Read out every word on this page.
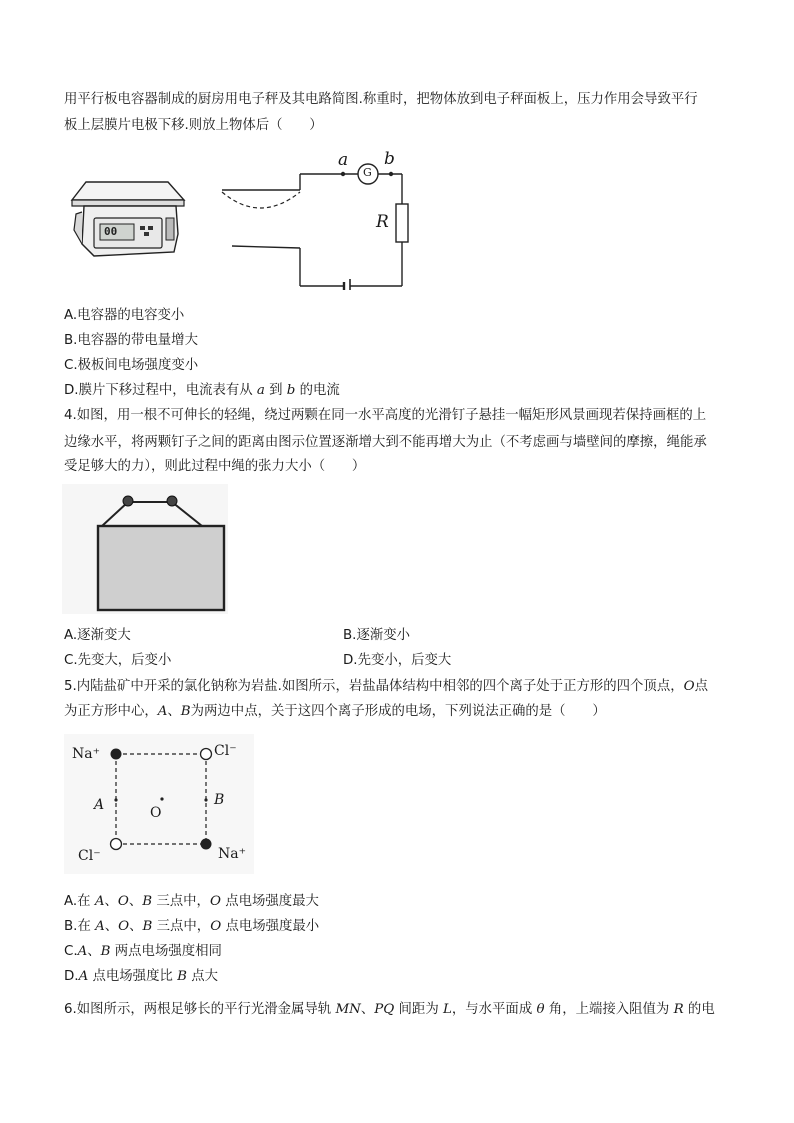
用平行板电容器制成的厨房用电子秤及其电路简图.称重时，把物体放到电子秤面板上，压力作用会导致平行
板上层膜片电极下移.则放上物体后（　　）
00
a b
G
R
A.电容器的电容变小
B.电容器的带电量增大
C.极板间电场强度变小
D.膜片下移过程中，电流表有从 a 到 b 的电流
4.如图，用一根不可伸长的轻绳，绕过两颗在同一水平高度的光滑钉子悬挂一幅矩形风景画现若保持画框的上
边缘水平，将两颗钉子之间的距离由图示位置逐渐增大到不能再增大为止（不考虑画与墙壁间的摩擦，绳能承
受足够大的力），则此过程中绳的张力大小（　　）
A.逐渐变大	B.逐渐变小
C.先变大，后变小	D.先变小，后变大
5.内陆盐矿中开采的氯化钠称为岩盐.如图所示，岩盐晶体结构中相邻的四个离子处于正方形的四个顶点，O点
为正方形中心，A、B为两边中点，关于这四个离子形成的电场，下列说法正确的是（　　）
Na⁺	Cl⁻
Cl⁻	Na⁺
A	B
O
A.在 A、O、B 三点中，O 点电场强度最大
B.在 A、O、B 三点中，O 点电场强度最小
C.A、B 两点电场强度相同
D.A 点电场强度比 B 点大
6.如图所示，两根足够长的平行光滑金属导轨 MN、PQ 间距为 L，与水平面成 θ 角，上端接入阻值为 R 的电
